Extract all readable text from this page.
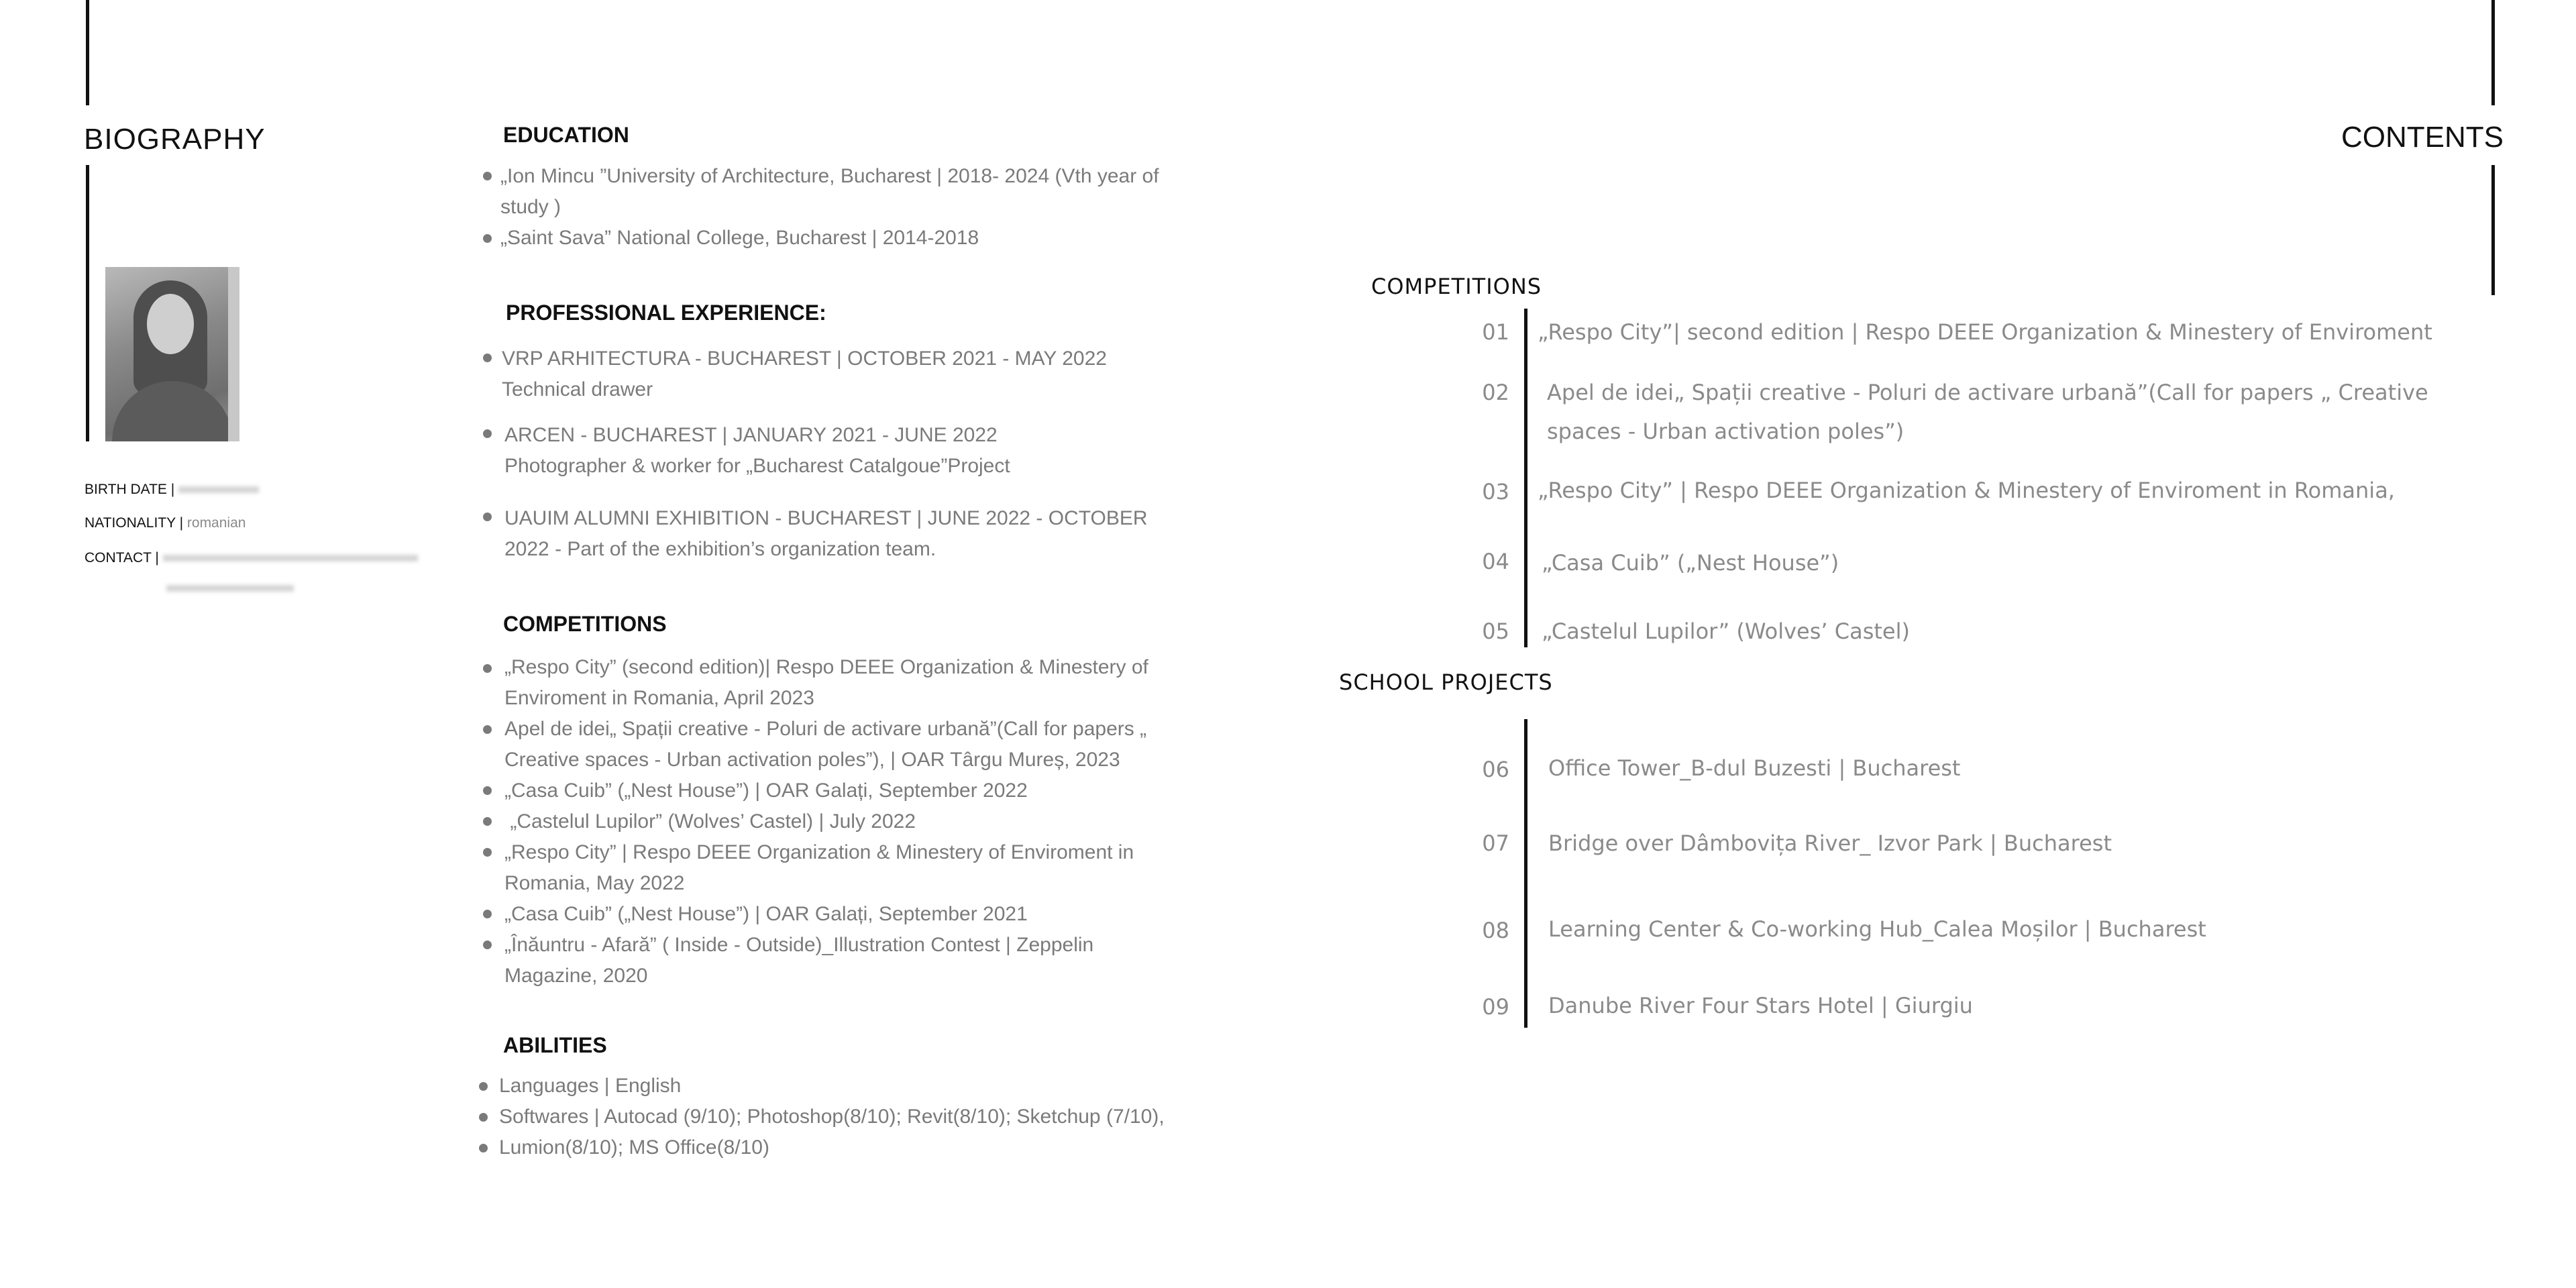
BIOGRAPHY
BIRTH DATE |
NATIONALITY | romanian
CONTACT |
EDUCATION
„Ion Mincu ”University of Architecture, Bucharest | 2018- 2024 (Vth year of
study )
„Saint Sava” National College, Bucharest | 2014-2018
PROFESSIONAL EXPERIENCE:
VRP ARHITECTURA - BUCHAREST | OCTOBER 2021 - MAY 2022
Technical drawer
ARCEN - BUCHAREST | JANUARY 2021 - JUNE 2022
Photographer & worker for „Bucharest Catalgoue”Project
UAUIM ALUMNI EXHIBITION - BUCHAREST | JUNE 2022 - OCTOBER
2022 - Part of the exhibition’s organization team.
COMPETITIONS
„Respo City” (second edition)| Respo DEEE Organization & Minestery of
Enviroment in Romania, April 2023
Apel de idei„ Spații creative - Poluri de activare urbană”(Call for papers „
Creative spaces - Urban activation poles”), | OAR Târgu Mureș, 2023
„Casa Cuib” („Nest House”) | OAR Galați, September 2022
„Castelul Lupilor” (Wolves’ Castel) | July 2022
„Respo City” | Respo DEEE Organization & Minestery of Enviroment in
Romania, May 2022
„Casa Cuib” („Nest House”) | OAR Galați, September 2021
„Înăuntru - Afară” ( Inside - Outside)_Illustration Contest | Zeppelin
Magazine, 2020
ABILITIES
Languages | English
Softwares | Autocad (9/10); Photoshop(8/10); Revit(8/10); Sketchup (7/10),
Lumion(8/10); MS Office(8/10)
CONTENTS
COMPETITIONS
01 „Respo City”| second edition | Respo DEEE Organization & Minestery of Enviroment
02 Apel de idei„ Spații creative - Poluri de activare urbană”(Call for papers „ Creative
spaces - Urban activation poles”)
03 „Respo City” | Respo DEEE Organization & Minestery of Enviroment in Romania,
04 „Casa Cuib” („Nest House”)
05 „Castelul Lupilor” (Wolves’ Castel)
SCHOOL PROJECTS
06 Office Tower_B-dul Buzesti | Bucharest
07 Bridge over Dâmbovița River_ Izvor Park | Bucharest
08 Learning Center & Co-working Hub_Calea Moșilor | Bucharest
09 Danube River Four Stars Hotel | Giurgiu
